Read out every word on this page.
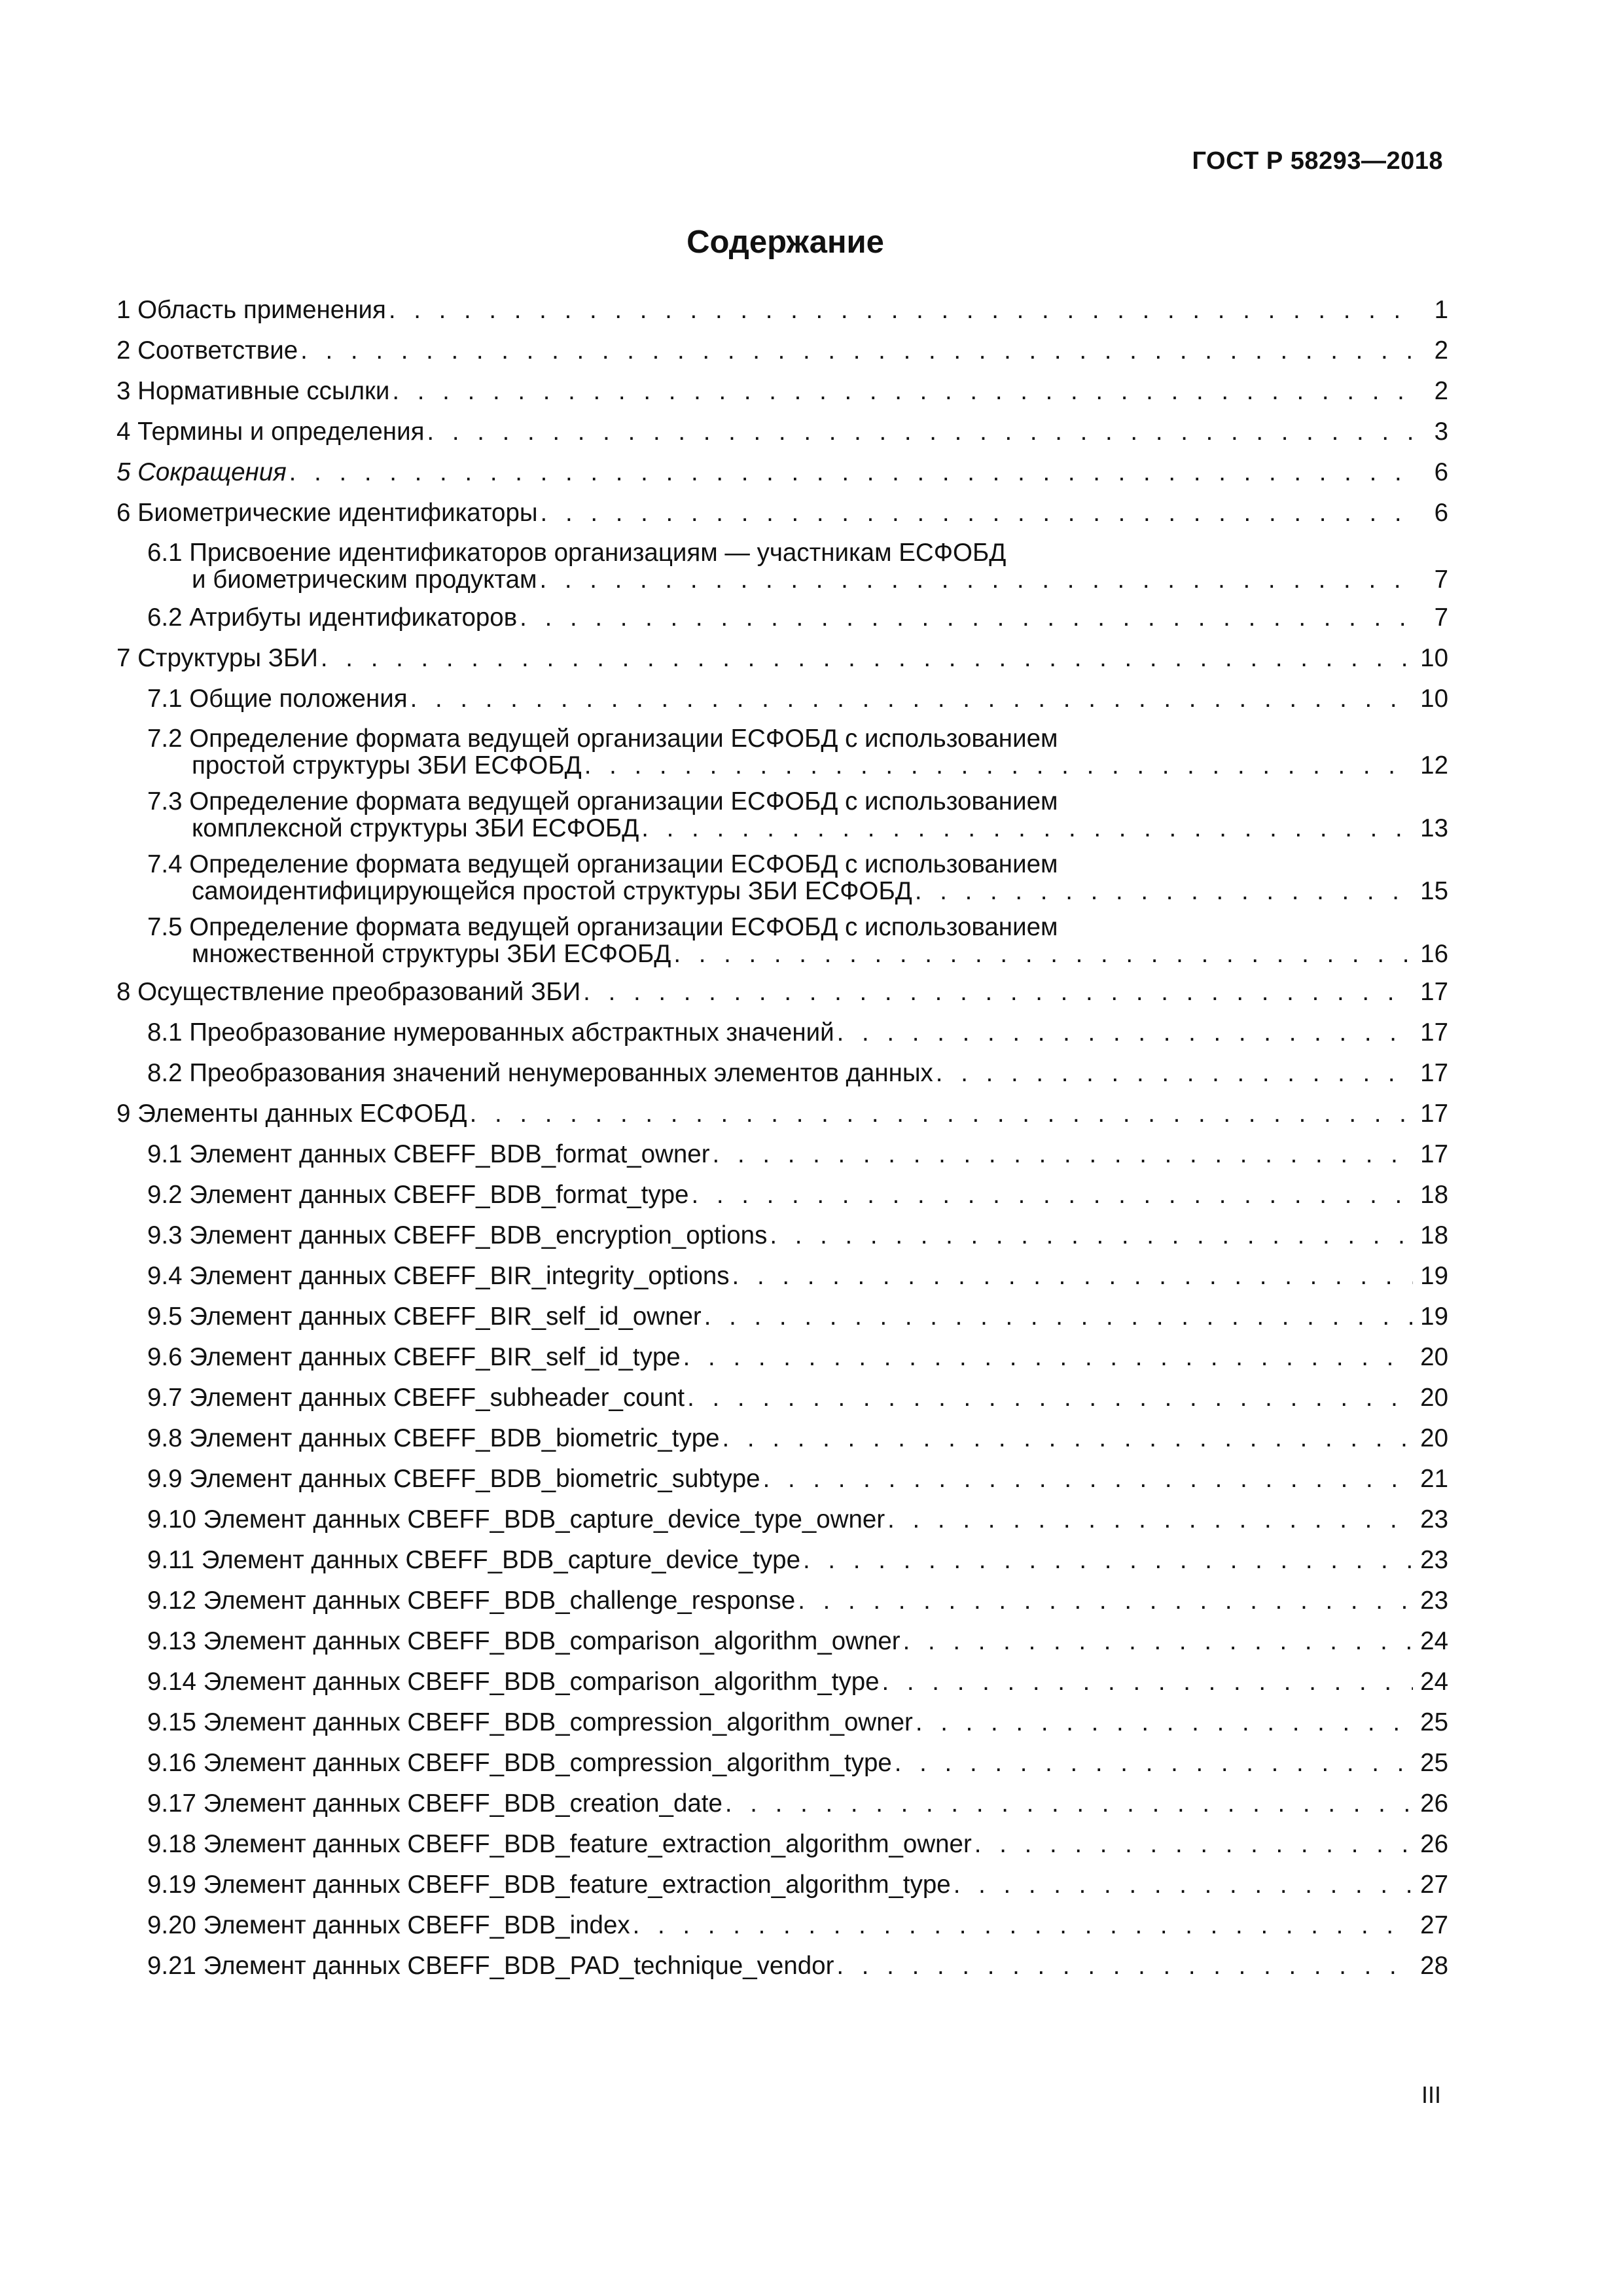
ГОСТ Р 58293—2018
Содержание
1 Область применения . . .	1
2 Соответствие . . .	2
3 Нормативные ссылки . . .	2
4 Термины и определения . . .	3
5 Сокращения . . .	6
6 Биометрические идентификаторы . . .	6
6.1 Присвоение идентификаторов организациям — участникам ЕСФОБД
и биометрическим продуктам . . .	7
6.2 Атрибуты идентификаторов . . .	7
7 Структуры ЗБИ . . .	10
7.1 Общие положения . . .	10
7.2 Определение формата ведущей организации ЕСФОБД с использованием
простой структуры ЗБИ ЕСФОБД . . .	12
7.3 Определение формата ведущей организации ЕСФОБД с использованием
комплексной структуры ЗБИ ЕСФОБД . . .	13
7.4 Определение формата ведущей организации ЕСФОБД с использованием
самоидентифицирующейся простой структуры ЗБИ ЕСФОБД . . .	15
7.5 Определение формата ведущей организации ЕСФОБД с использованием
множественной структуры ЗБИ ЕСФОБД . . .	16
8 Осуществление преобразований ЗБИ . . .	17
8.1 Преобразование нумерованных абстрактных значений . . .	17
8.2 Преобразования значений ненумерованных элементов данных . . .	17
9 Элементы данных ЕСФОБД . . .	17
9.1 Элемент данных CBEFF_BDB_format_owner . . .	17
9.2 Элемент данных CBEFF_BDB_format_type . . .	18
9.3 Элемент данных CBEFF_BDB_encryption_options . . .	18
9.4 Элемент данных CBEFF_BIR_integrity_options . . .	19
9.5 Элемент данных CBEFF_BIR_self_id_owner . . .	19
9.6 Элемент данных CBEFF_BIR_self_id_type . . .	20
9.7 Элемент данных CBEFF_subheader_count . . .	20
9.8 Элемент данных CBEFF_BDB_biometric_type . . .	20
9.9 Элемент данных CBEFF_BDB_biometric_subtype . . .	21
9.10 Элемент данных CBEFF_BDB_capture_device_type_owner . . .	23
9.11 Элемент данных CBEFF_BDB_capture_device_type . . .	23
9.12 Элемент данных CBEFF_BDB_challenge_response . . .	23
9.13 Элемент данных CBEFF_BDB_comparison_algorithm_owner . . .	24
9.14 Элемент данных CBEFF_BDB_comparison_algorithm_type . . .	24
9.15 Элемент данных CBEFF_BDB_compression_algorithm_owner . . .	25
9.16 Элемент данных CBEFF_BDB_compression_algorithm_type . . .	25
9.17 Элемент данных CBEFF_BDB_creation_date . . .	26
9.18 Элемент данных CBEFF_BDB_feature_extraction_algorithm_owner . . .	26
9.19 Элемент данных CBEFF_BDB_feature_extraction_algorithm_type . . .	27
9.20 Элемент данных CBEFF_BDB_index . . .	27
9.21 Элемент данных CBEFF_BDB_PAD_technique_vendor . . .	28
III
